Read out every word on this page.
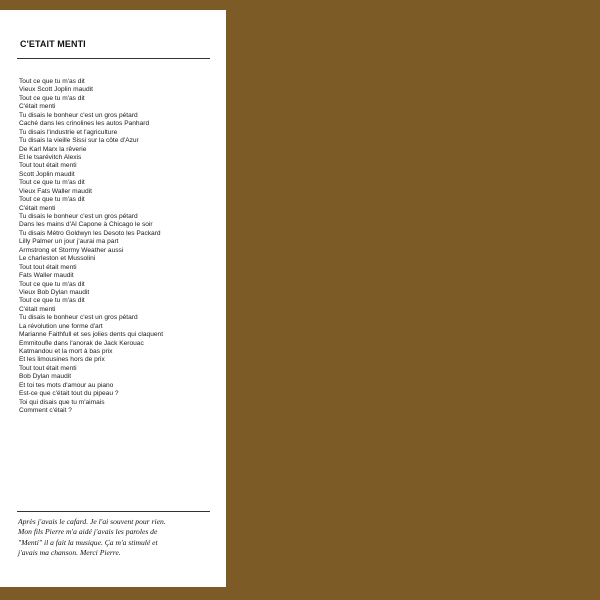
C'ETAIT MENTI
Tout ce que tu m'as dit
Vieux Scott Joplin maudit
Tout ce que tu m'as dit
C'était menti
Tu disais le bonheur c'est un gros pétard
Caché dans les crinolines les autos Panhard
Tu disais l'industrie et l'agriculture
Tu disais la vieille Sissi sur la côte d'Azur
De Karl Marx la rêverie
Et le tsarévitch Alexis
Tout tout était menti
Scott Joplin maudit
Tout ce que tu m'as dit
Vieux Fats Waller maudit
Tout ce que tu m'as dit
C'était menti
Tu disais le bonheur c'est un gros pétard
Dans les mains d'Al Capone à Chicago le soir
Tu disais Métro Goldwyn les Desoto les Packard
Lilly Palmer un jour j'aurai ma part
Armstrong et Stormy Weather aussi
Le charleston et Mussolini
Tout tout était menti
Fats Waller maudit
Tout ce que tu m'as dit
Vieux Bob Dylan maudit
Tout ce que tu m'as dit
C'était menti
Tu disais le bonheur c'est un gros pétard
La révolution une forme d'art
Marianne Faithfull et ses jolies dents qui claquent
Emmitoufle dans l'anorak de Jack Kerouac
Katmandou et la mort à bas prix
Et les limousines hors de prix
Tout tout était menti
Bob Dylan maudit
Et toi tes mots d'amour au piano
Est-ce que c'était tout du pipeau ?
Toi qui disais que tu m'aimais
Comment c'était ?

Après j'avais le cafard. Je l'ai souvent pour rien.
Mon fils Pierre m'a aidé j'avais les paroles de
"Menti" il a fait la musique. Ça m'a stimulé et
j'avais ma chanson. Merci Pierre.
